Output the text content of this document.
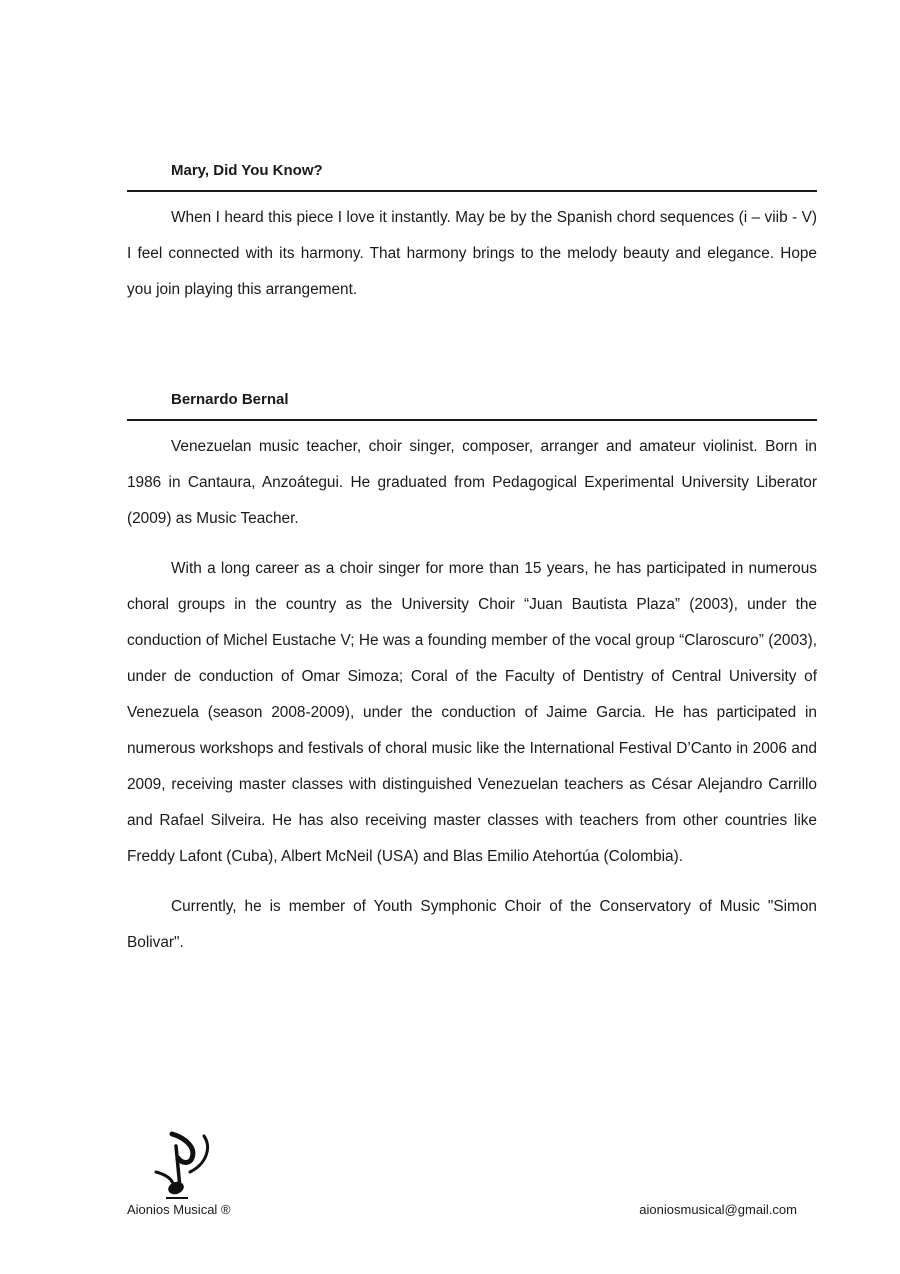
Mary, Did You Know?

When I heard this piece I love it instantly. May be by the Spanish chord sequences (i – viib - V) I feel connected with its harmony. That harmony brings to the melody beauty and elegance. Hope you join playing this arrangement.

Bernardo Bernal

Venezuelan music teacher, choir singer, composer, arranger and amateur violinist. Born in 1986 in Cantaura, Anzoátegui. He graduated from Pedagogical Experimental University Liberator (2009) as Music Teacher.

With a long career as a choir singer for more than 15 years, he has participated in numerous choral groups in the country as the University Choir “Juan Bautista Plaza” (2003), under the conduction of Michel Eustache V; He was a founding member of the vocal group “Claroscuro” (2003), under de conduction of Omar Simoza; Coral of the Faculty of Dentistry of Central University of Venezuela (season 2008-2009), under the conduction of Jaime Garcia. He has participated in numerous workshops and festivals of choral music like the International Festival D’Canto in 2006 and 2009, receiving master classes with distinguished Venezuelan teachers as César Alejandro Carrillo and Rafael Silveira. He has also receiving master classes with teachers from other countries like Freddy Lafont (Cuba), Albert McNeil (USA) and Blas Emilio Atehortúa (Colombia).

Currently, he is member of Youth Symphonic Choir of the Conservatory of Music "Simon Bolivar".

Aionios Musical ®	aioniosmusical@gmail.com
